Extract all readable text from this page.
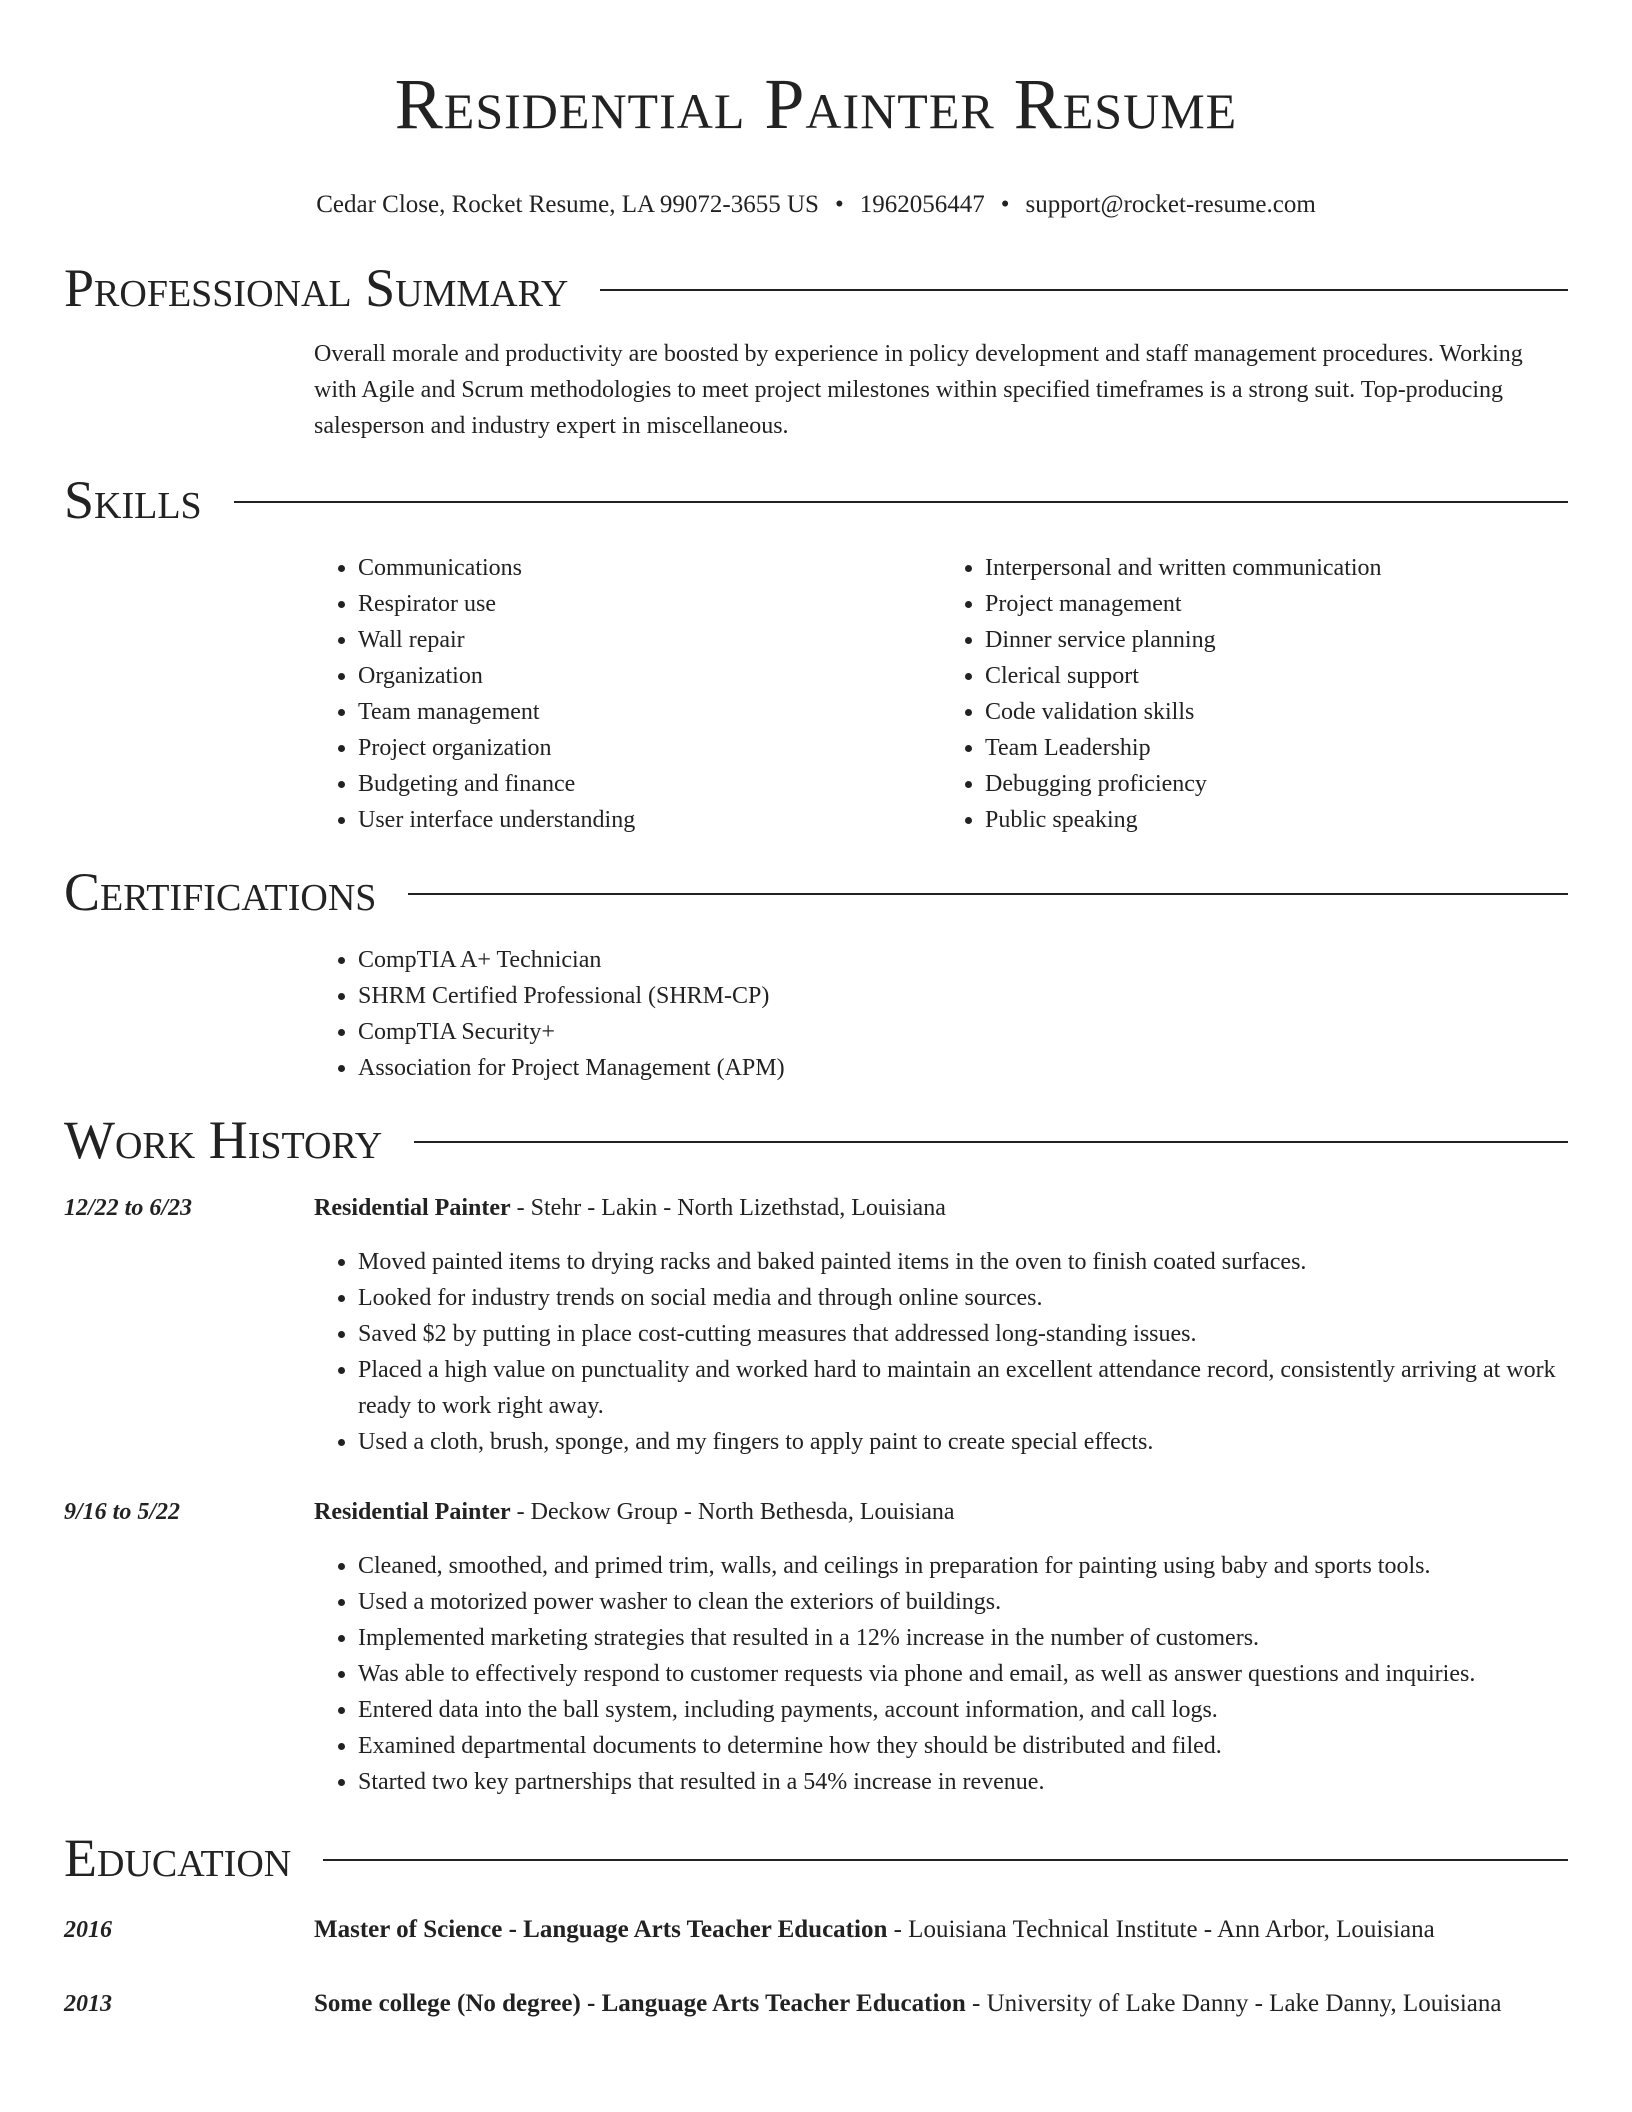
Residential Painter Resume
Cedar Close, Rocket Resume, LA 99072-3655 US • 1962056447 • support@rocket-resume.com
Professional Summary
Overall morale and productivity are boosted by experience in policy development and staff management procedures. Working with Agile and Scrum methodologies to meet project milestones within specified timeframes is a strong suit. Top-producing salesperson and industry expert in miscellaneous.
Skills
• Communications
• Respirator use
• Wall repair
• Organization
• Team management
• Project organization
• Budgeting and finance
• User interface understanding
• Interpersonal and written communication
• Project management
• Dinner service planning
• Clerical support
• Code validation skills
• Team Leadership
• Debugging proficiency
• Public speaking
Certifications
• CompTIA A+ Technician
• SHRM Certified Professional (SHRM-CP)
• CompTIA Security+
• Association for Project Management (APM)
Work History
12/22 to 6/23	Residential Painter - Stehr - Lakin - North Lizethstad, Louisiana
• Moved painted items to drying racks and baked painted items in the oven to finish coated surfaces.
• Looked for industry trends on social media and through online sources.
• Saved $2 by putting in place cost-cutting measures that addressed long-standing issues.
• Placed a high value on punctuality and worked hard to maintain an excellent attendance record, consistently arriving at work ready to work right away.
• Used a cloth, brush, sponge, and my fingers to apply paint to create special effects.
9/16 to 5/22	Residential Painter - Deckow Group - North Bethesda, Louisiana
• Cleaned, smoothed, and primed trim, walls, and ceilings in preparation for painting using baby and sports tools.
• Used a motorized power washer to clean the exteriors of buildings.
• Implemented marketing strategies that resulted in a 12% increase in the number of customers.
• Was able to effectively respond to customer requests via phone and email, as well as answer questions and inquiries.
• Entered data into the ball system, including payments, account information, and call logs.
• Examined departmental documents to determine how they should be distributed and filed.
• Started two key partnerships that resulted in a 54% increase in revenue.
Education
2016	Master of Science - Language Arts Teacher Education - Louisiana Technical Institute - Ann Arbor, Louisiana
2013	Some college (No degree) - Language Arts Teacher Education - University of Lake Danny - Lake Danny, Louisiana
